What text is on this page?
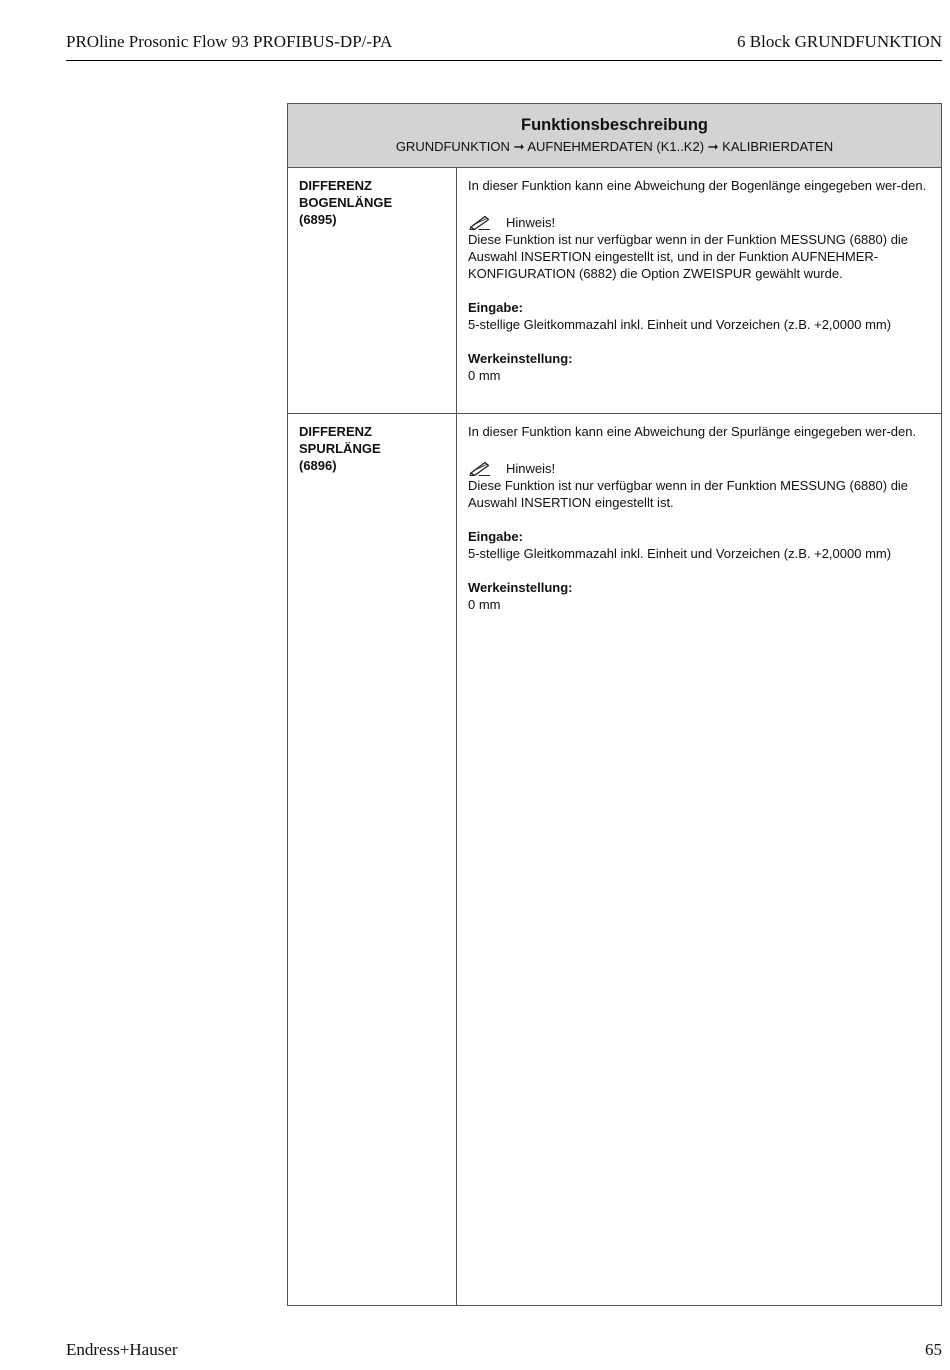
PROline Prosonic Flow 93 PROFIBUS-DP/-PA	6 Block GRUNDFUNKTION
Funktionsbeschreibung
GRUNDFUNKTION ➞ AUFNEHMERDATEN (K1..K2) ➞ KALIBRIERDATEN
DIFFERENZ
BOGENLÄNGE
(6895)

In dieser Funktion kann eine Abweichung der Bogenlänge eingegeben wer-den.

Hinweis!

Diese Funktion ist nur verfügbar wenn in der Funktion MESSUNG (6880) die Auswahl INSERTION eingestellt ist, und in der Funktion AUFNEHMER-KONFIGURATION (6882) die Option ZWEISPUR gewählt wurde.

Eingabe:

5-stellige Gleitkommazahl inkl. Einheit und Vorzeichen (z.B. +2,0000 mm)

Werkeinstellung:

0 mm

DIFFERENZ
SPURLÄNGE
(6896)

In dieser Funktion kann eine Abweichung der Spurlänge eingegeben wer-den.

Hinweis!

Diese Funktion ist nur verfügbar wenn in der Funktion MESSUNG (6880) die Auswahl INSERTION eingestellt ist.

Eingabe:

5-stellige Gleitkommazahl inkl. Einheit und Vorzeichen (z.B. +2,0000 mm)

Werkeinstellung:

0 mm

Endress+Hauser	65
